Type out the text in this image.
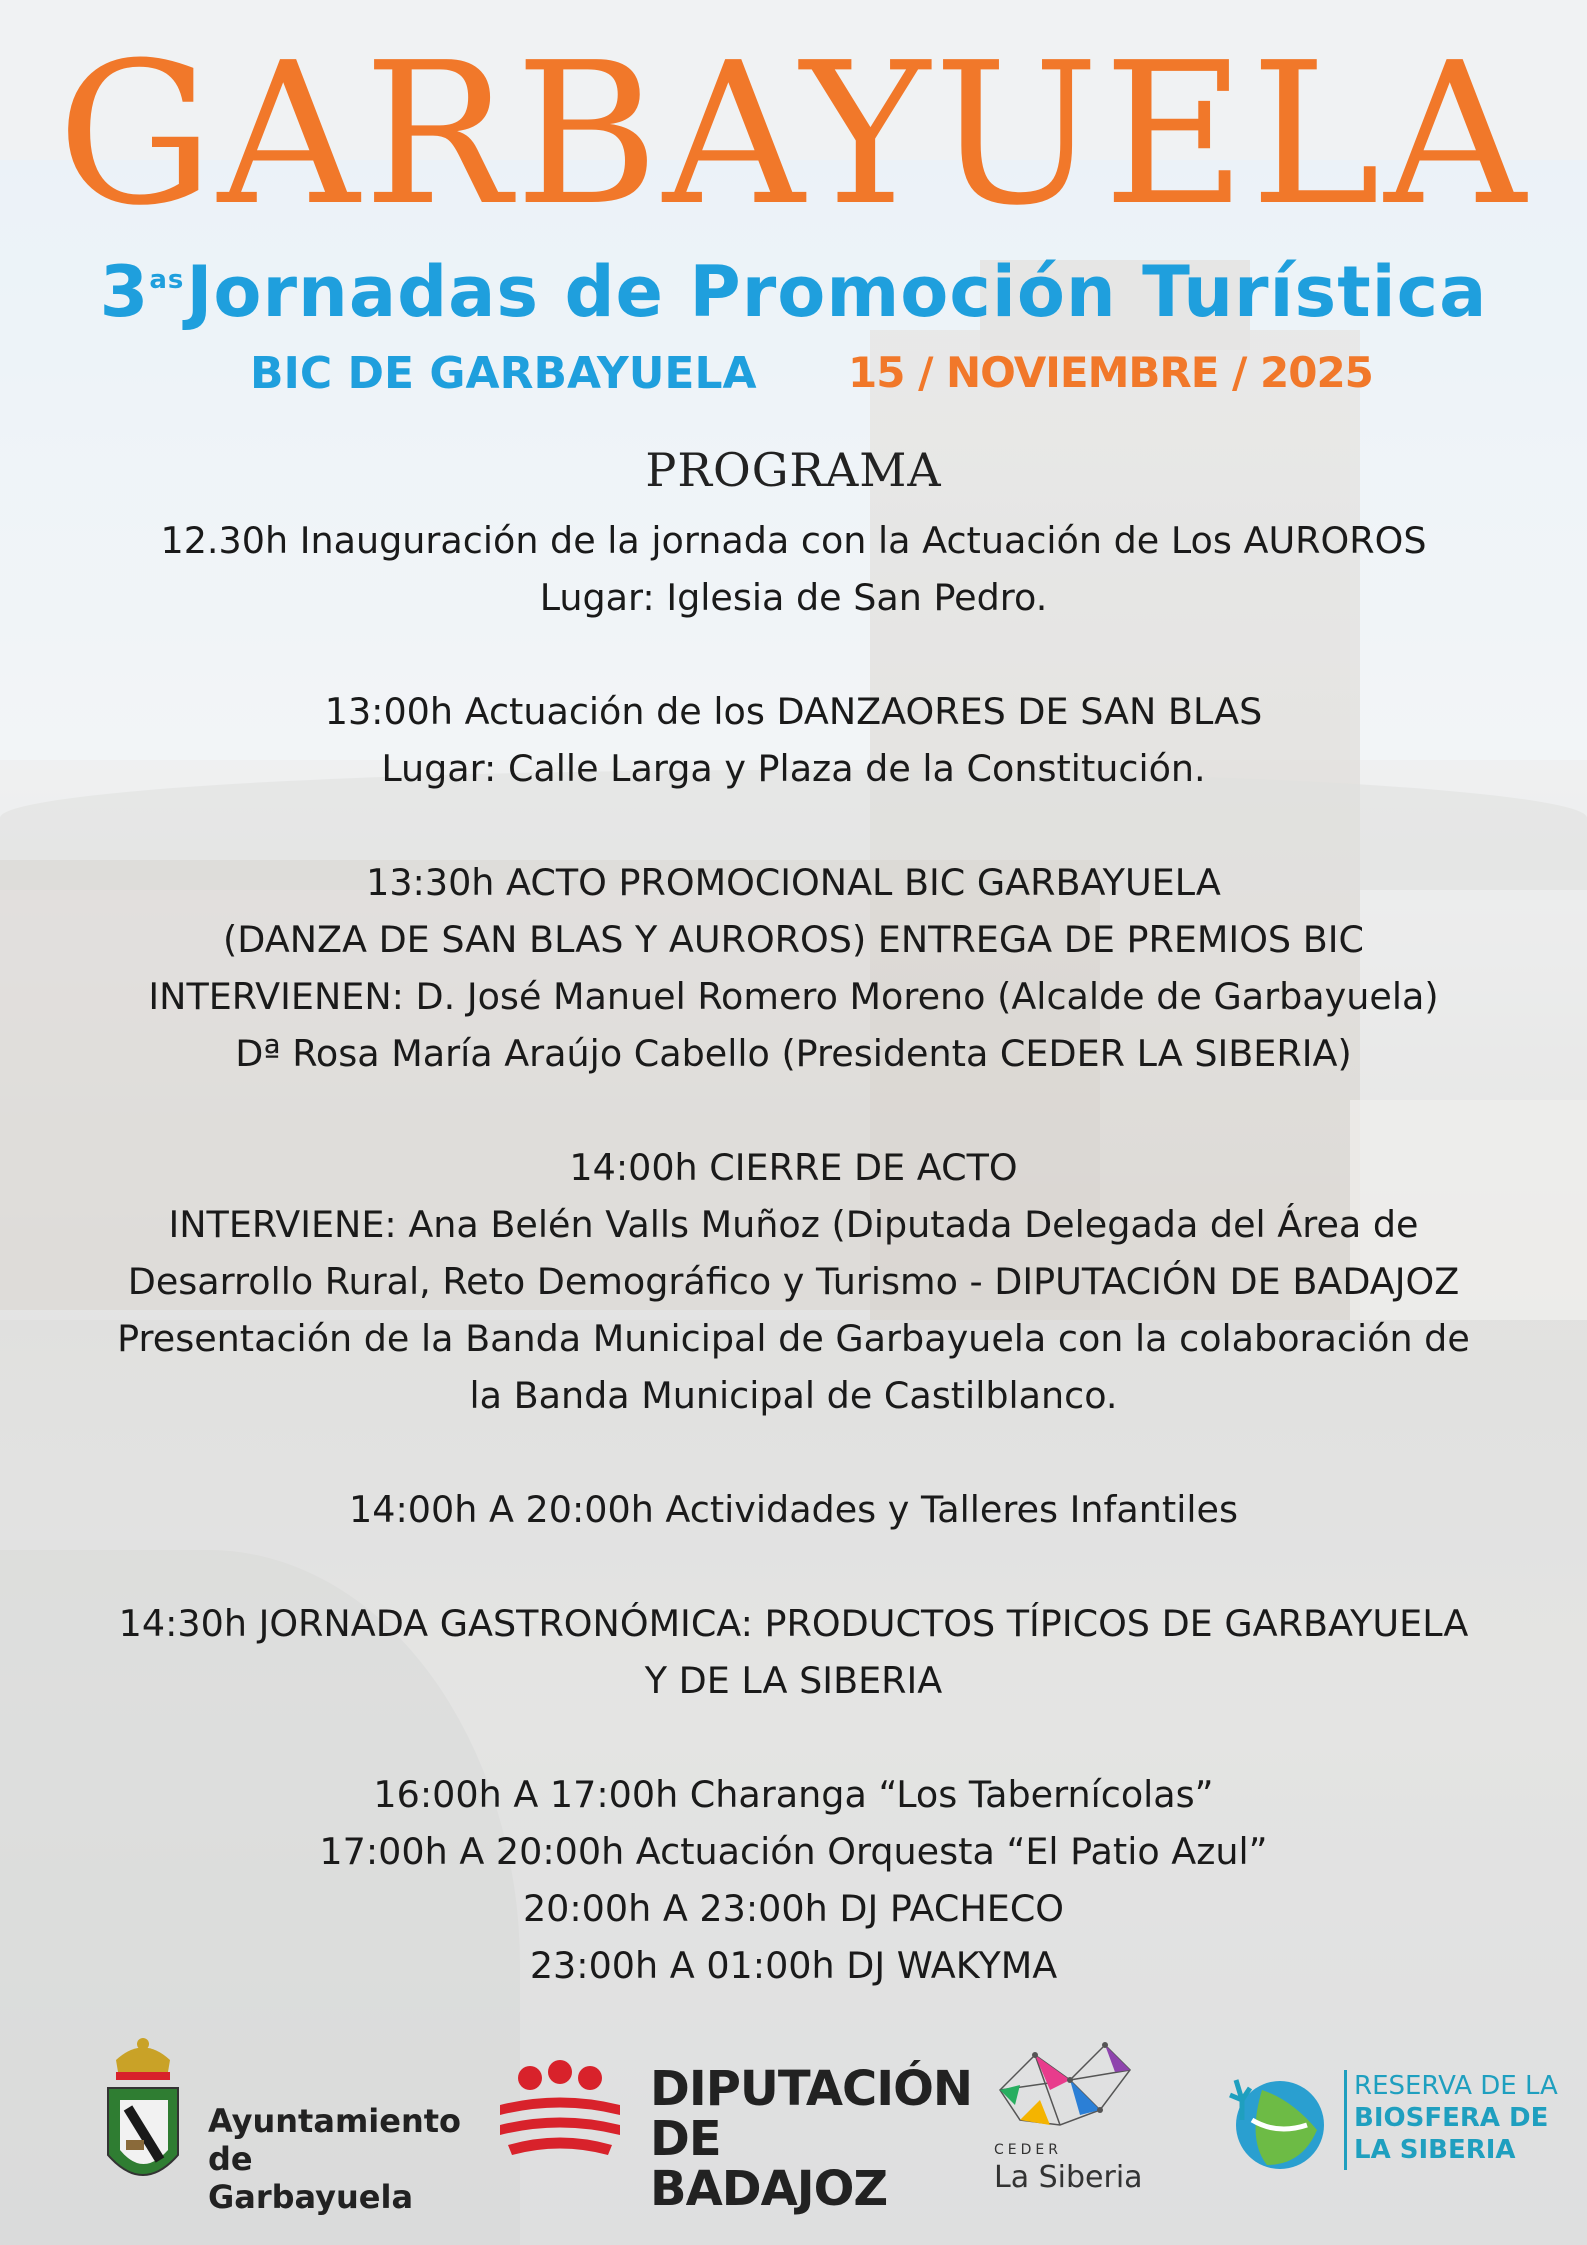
GARBAYUELA
$3^{as}Jornadas$ de Promoción Turística
BIC DE GARBAYUELA 15 / NOVIEMBRE / 2025
PROGRAMA
12.30h Inauguración de la jornada con la Actuación de Los AUROROS
Lugar: Iglesia de San Pedro.
13:00h Actuación de los DANZAORES DE SAN BLAS
Lugar: Calle Larga y Plaza de la Constitución.
13:30h ACTO PROMOCIONAL BIC GARBAYUELA
(DANZA DE SAN BLAS Y AUROROS) ENTREGA DE PREMIOS BIC
INTERVIENEN: D. José Manuel Romero Moreno (Alcalde de Garbayuela)
Dª Rosa María Araújo Cabello (Presidenta CEDER LA SIBERIA)
14:00h CIERRE DE ACTO
INTERVIENE: Ana Belén Valls Muñoz (Diputada Delegada del Área de
Desarrollo Rural, Reto Demográfico y Turismo - DIPUTACIÓN DE BADAJOZ
Presentación de la Banda Municipal de Garbayuela con la colaboración de
la Banda Municipal de Castilblanco.
14:00h A 20:00h Actividades y Talleres Infantiles
14:30h JORNADA GASTRONÓMICA: PRODUCTOS TÍPICOS DE GARBAYUELA
Y DE LA SIBERIA
16:00h A 17:00h Charanga “Los Tabernícolas”
17:00h A 20:00h Actuación Orquesta “El Patio Azul”
20:00h A 23:00h DJ PACHECO
23:00h A 01:00h DJ WAKYMA
Ayuntamiento
de Garbayuela
DIPUTACIÓN
DE BADAJOZ
CEDER
La Siberia
RESERVA DE LA
BIOSFERA DE
LA SIBERIA
